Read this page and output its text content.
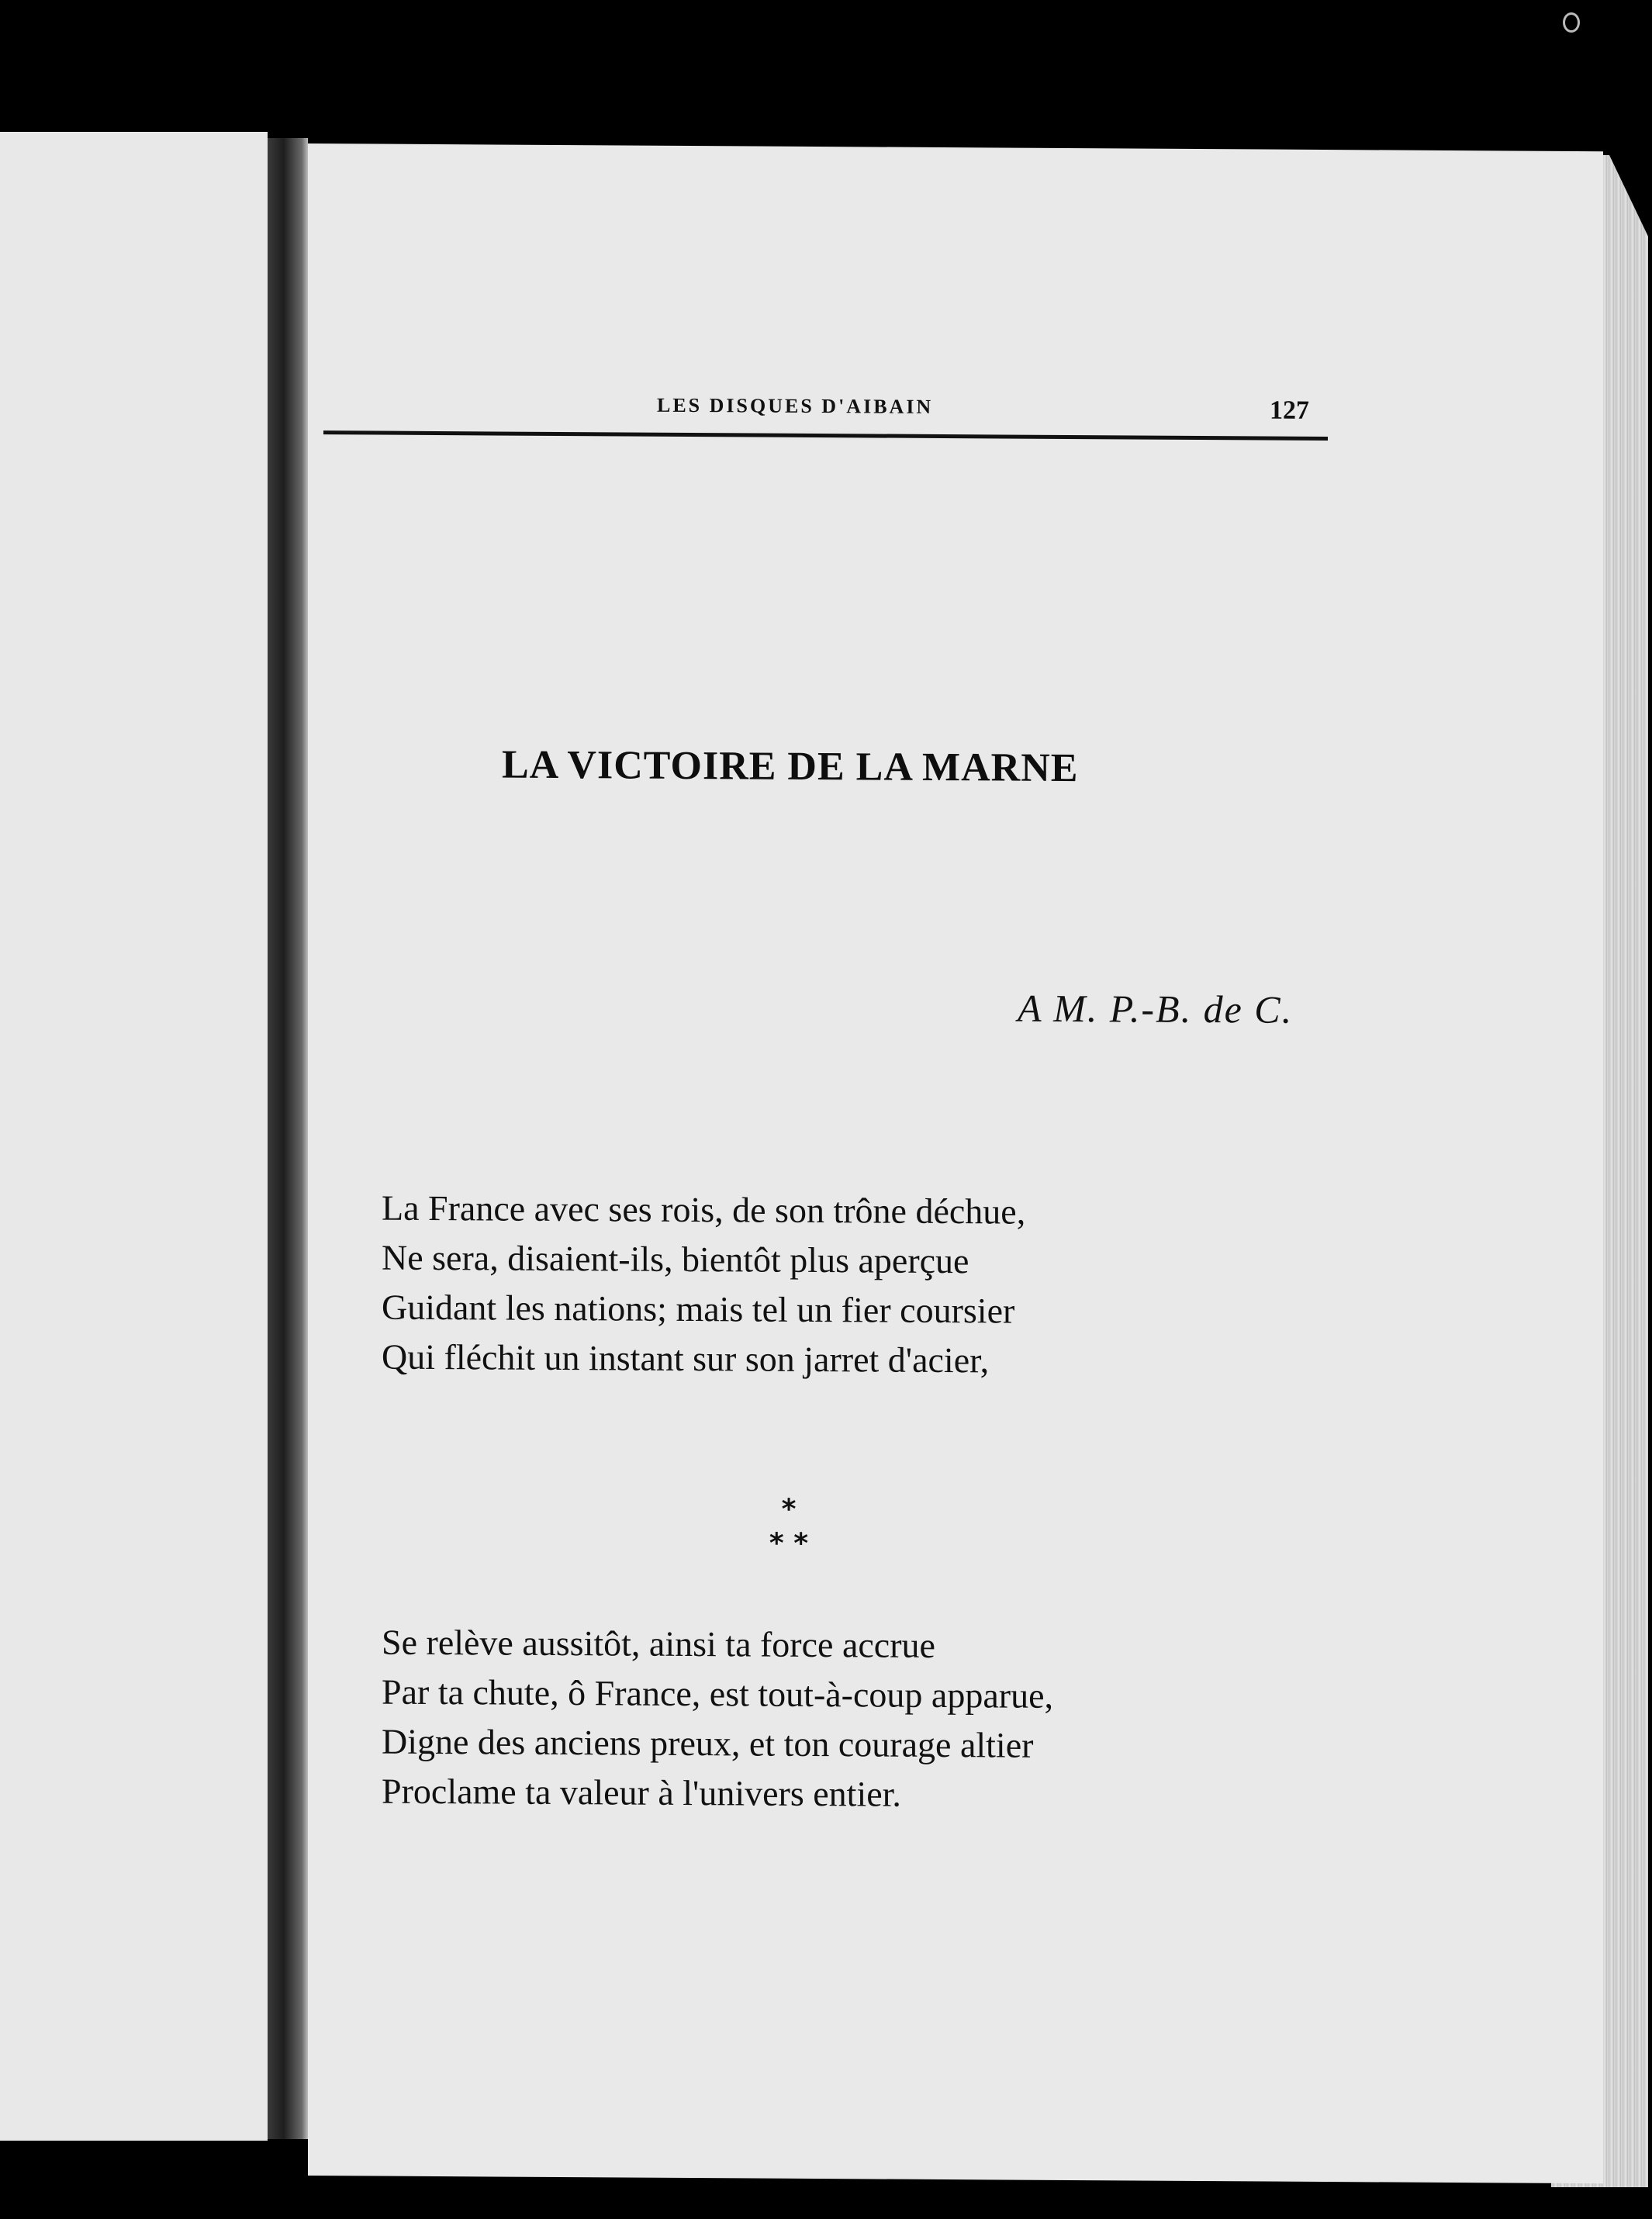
LES DISQUES D'AIBAIN	127
LA VICTOIRE DE LA MARNE
A M. P.-B. de C.
La France avec ses rois, de son trône déchue,
Ne sera, disaient-ils, bientôt plus aperçue
Guidant les nations; mais tel un fier coursier
Qui fléchit un instant sur son jarret d'acier,
*
* *
Se relève aussitôt, ainsi ta force accrue
Par ta chute, ô France, est tout-à-coup apparue,
Digne des anciens preux, et ton courage altier
Proclame ta valeur à l'univers entier.
